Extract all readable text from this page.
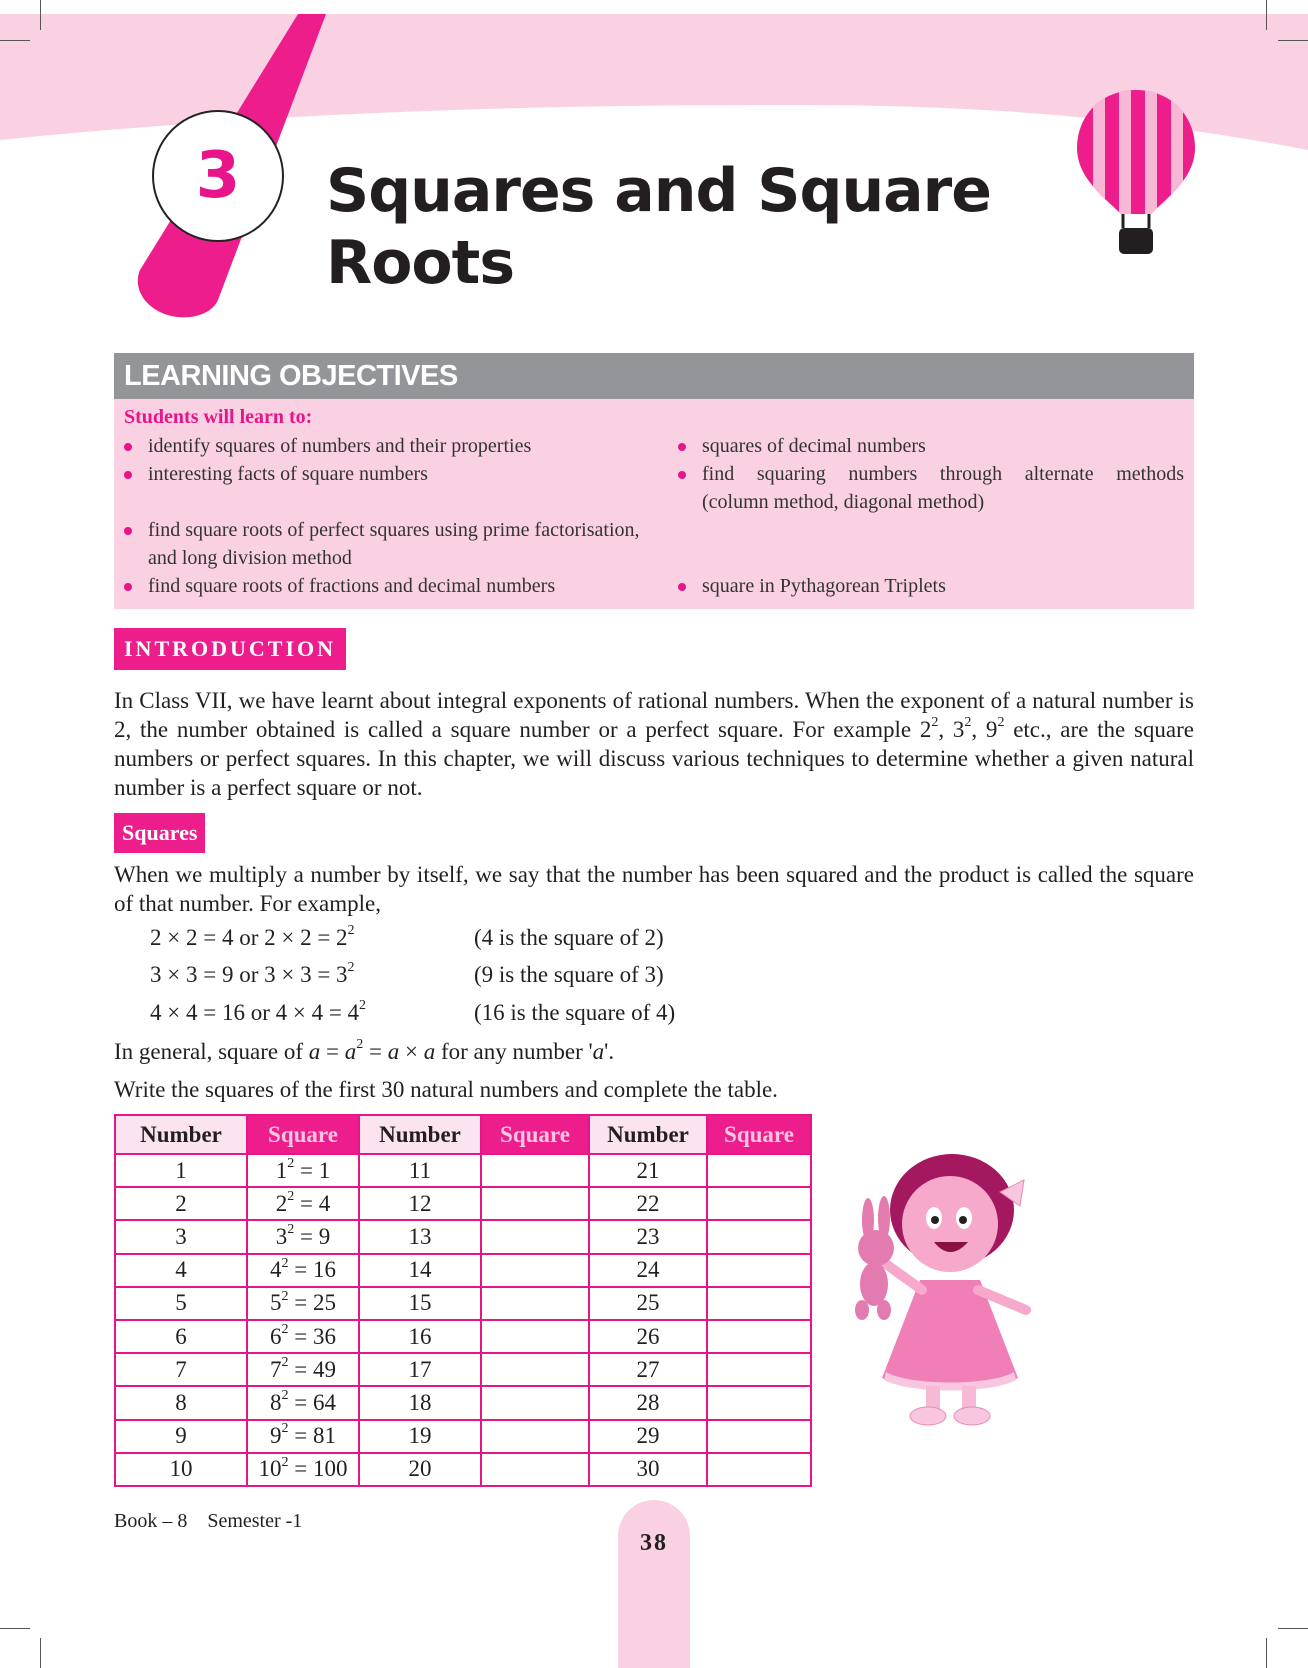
3 Squares and Square
Roots
LEARNING OBJECTIVES
Students will learn to:
identify squares of numbers and their properties	squares of decimal numbers
interesting facts of square numbers	find squaring numbers through alternate methods
(column method, diagonal method)
find square roots of perfect squares using prime factorisation,
and long division method
find square roots of fractions and decimal numbers	square in Pythagorean Triplets
INTRODUCTION
In Class VII, we have learnt about integral exponents of rational numbers. When the exponent of a natural number is 2, the number obtained is called a square number or a perfect square. For example $2^2$, $3^2$, $9^2$ etc., are the square numbers or perfect squares. In this chapter, we will discuss various techniques to determine whether a given natural number is a perfect square or not.
Squares
When we multiply a number by itself, we say that the number has been squared and the product is called the square of that number. For example,
2 × 2 = 4 or $2 \times 2 = 2^2$	(4 is the square of 2)
3 × 3 = 9 or $3 \times 3 = 3^2$	(9 is the square of 3)
4 × 4 = 16 or $4 \times 4 = 4^2$	(16 is the square of 4)
In general, square of $a = a^2 = a \times a$ for any number 'a'.
Write the squares of the first 30 natural numbers and complete the table.
Number	Square	Number	Square	Number	Square
1	$1^2 = 1$	11		21	
2	$2^2 = 4$	12		22	
3	$3^2 = 9$	13		23	
4	$4^2 = 16$	14		24	
5	$5^2 = 25$	15		25	
6	$6^2 = 36$	16		26	
7	$7^2 = 49$	17		27	
8	$8^2 = 64$	18		28	
9	$9^2 = 81$	19		29	
10	$10^2 = 100$	20		30	
Book – 8    Semester -1
38
